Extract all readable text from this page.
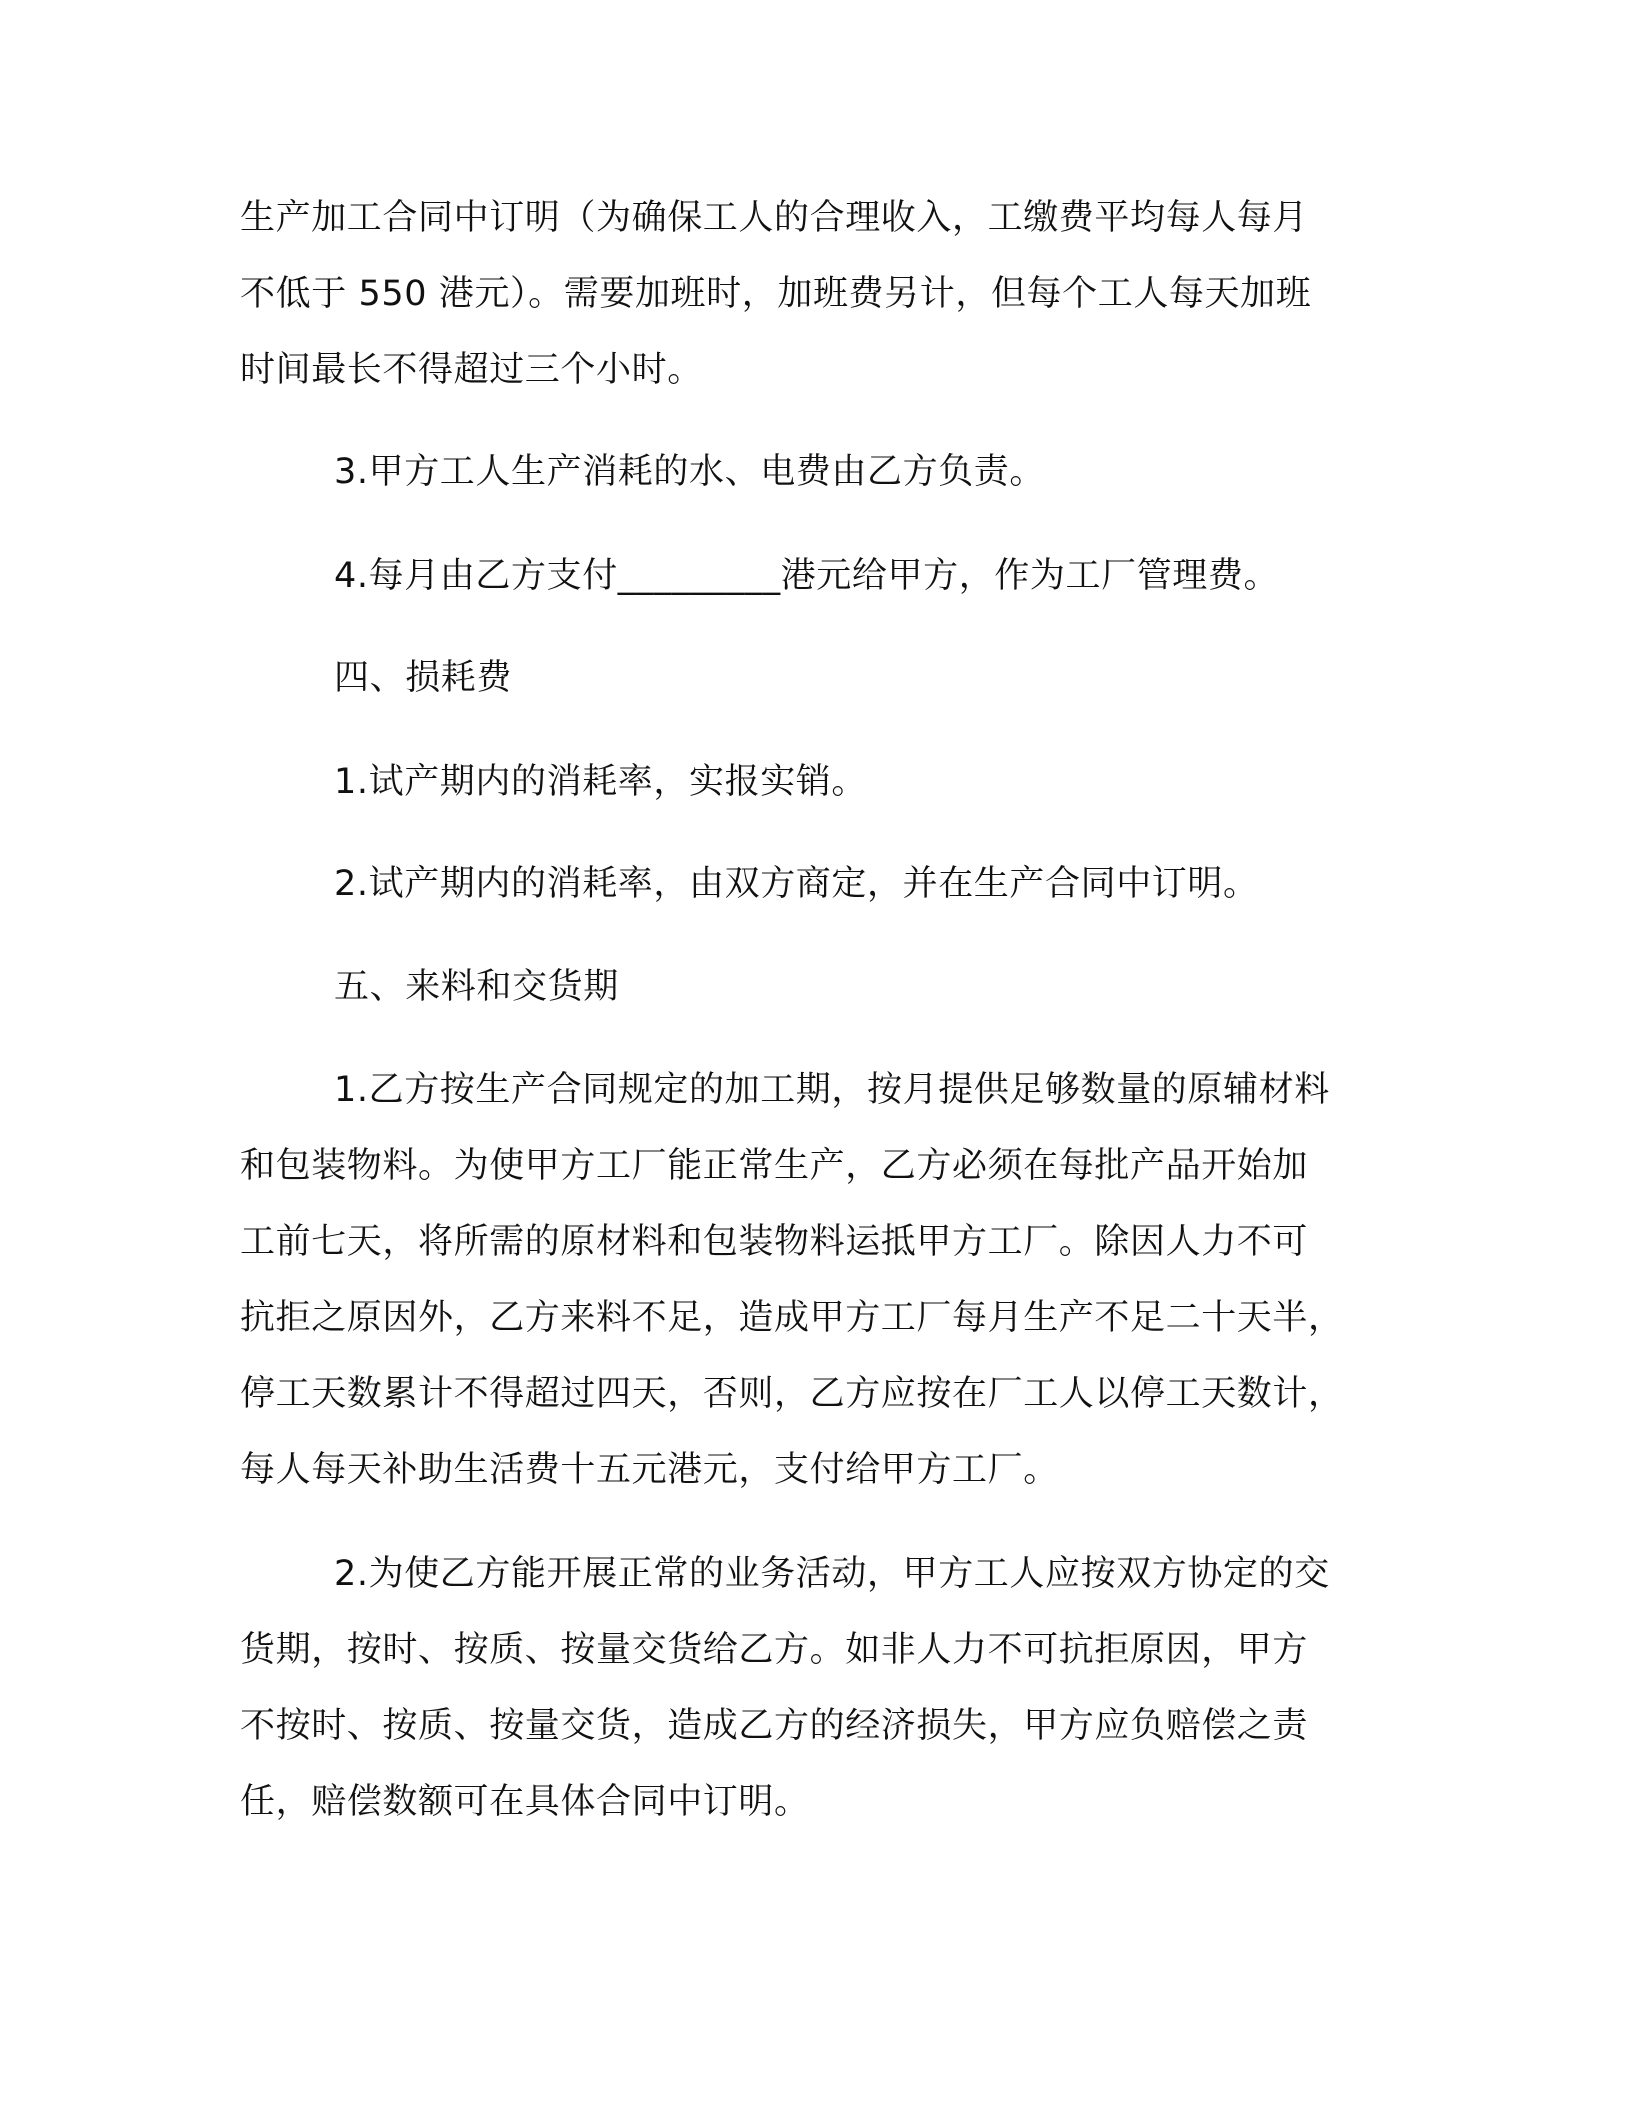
生产加工合同中订明（为确保工人的合理收入，工缴费平均每人每月
不低于 550 港元）。需要加班时，加班费另计，但每个工人每天加班
时间最长不得超过三个小时。
3.甲方工人生产消耗的水、电费由乙方负责。
4.每月由乙方支付_________港元给甲方，作为工厂管理费。
四、损耗费
1.试产期内的消耗率，实报实销。
2.试产期内的消耗率，由双方商定，并在生产合同中订明。
五、来料和交货期
1.乙方按生产合同规定的加工期，按月提供足够数量的原辅材料
和包装物料。为使甲方工厂能正常生产，乙方必须在每批产品开始加
工前七天，将所需的原材料和包装物料运抵甲方工厂。除因人力不可
抗拒之原因外，乙方来料不足，造成甲方工厂每月生产不足二十天半，
停工天数累计不得超过四天，否则，乙方应按在厂工人以停工天数计，
每人每天补助生活费十五元港元，支付给甲方工厂。
2.为使乙方能开展正常的业务活动，甲方工人应按双方协定的交
货期，按时、按质、按量交货给乙方。如非人力不可抗拒原因，甲方
不按时、按质、按量交货，造成乙方的经济损失，甲方应负赔偿之责
任，赔偿数额可在具体合同中订明。
